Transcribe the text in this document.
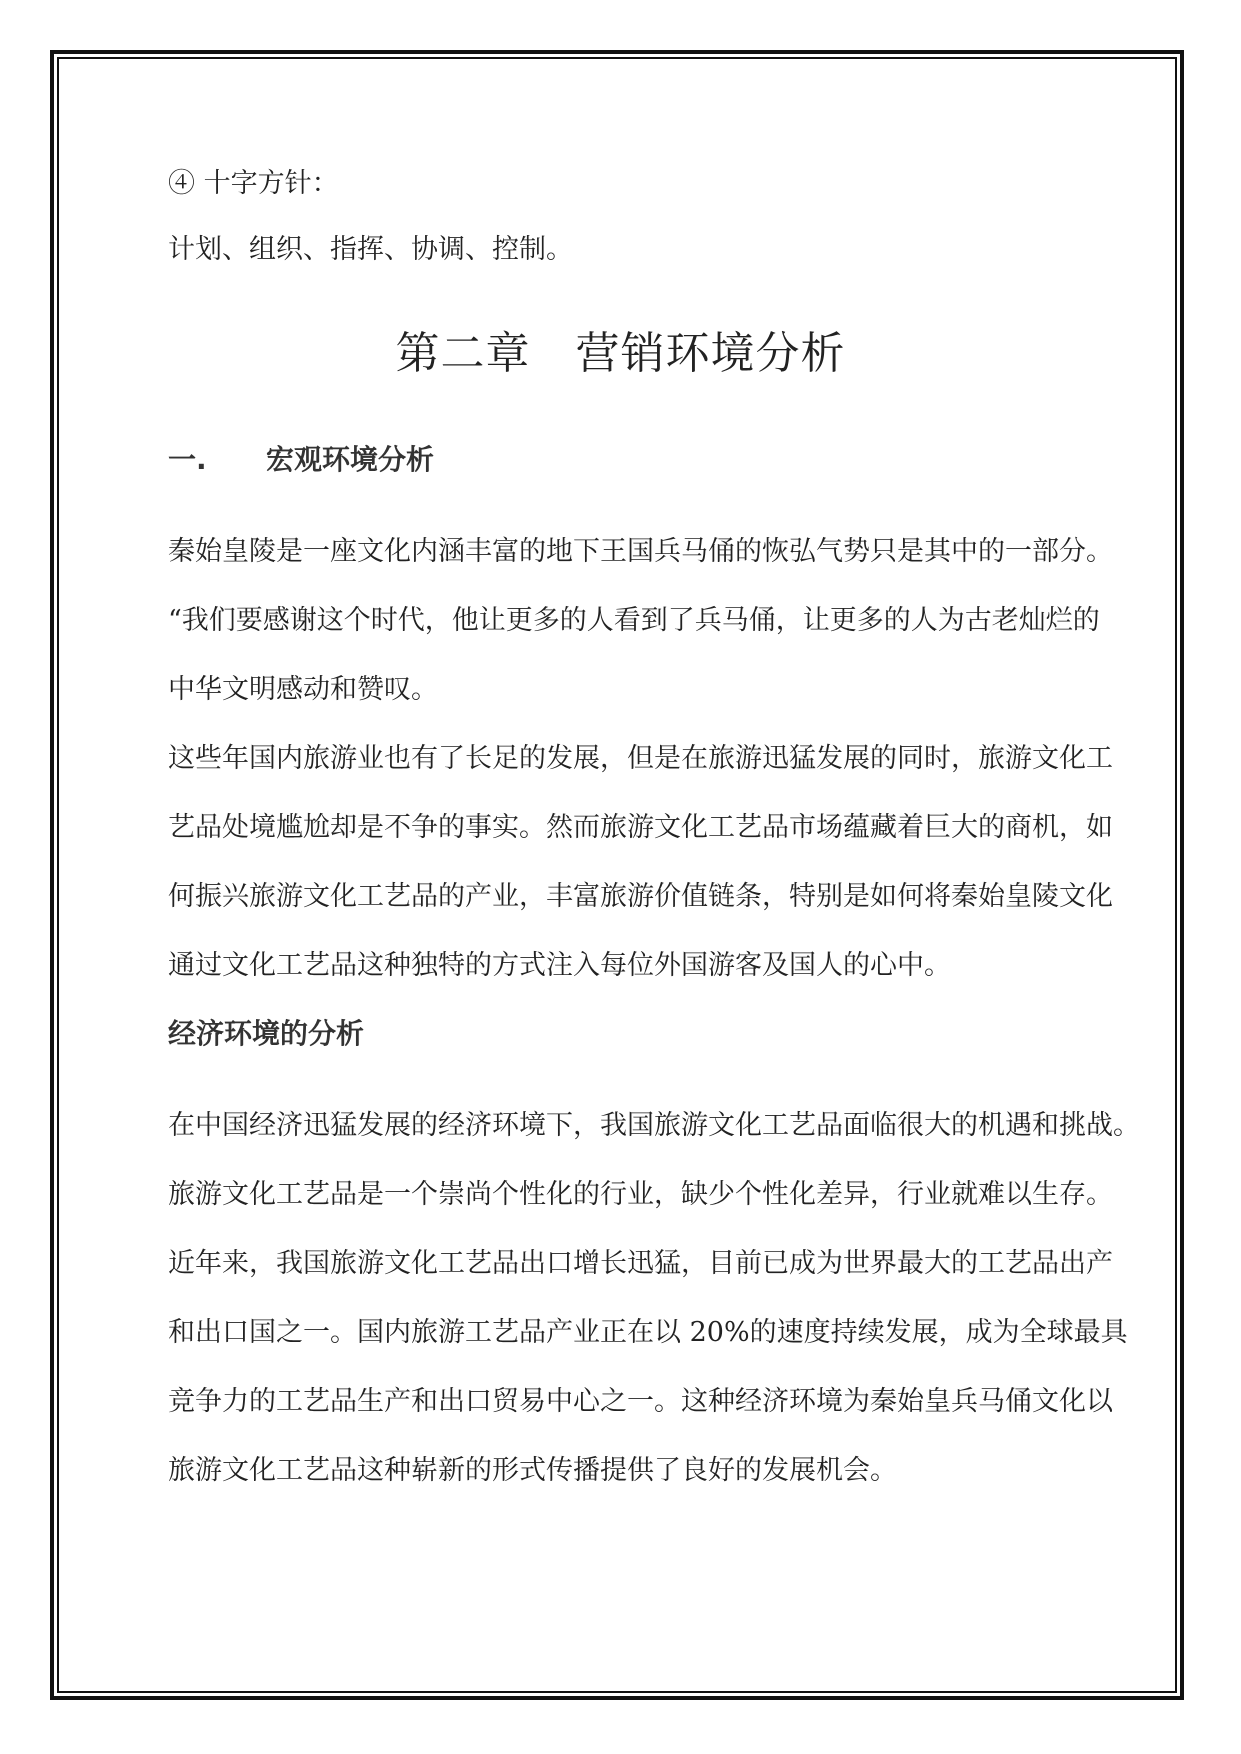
④ 十字方针：
计划、组织、指挥、协调、控制。
第二章　营销环境分析
一. 宏观环境分析
秦始皇陵是一座文化内涵丰富的地下王国兵马俑的恢弘气势只是其中的一部分。
“我们要感谢这个时代，他让更多的人看到了兵马俑，让更多的人为古老灿烂的
中华文明感动和赞叹。
这些年国内旅游业也有了长足的发展，但是在旅游迅猛发展的同时，旅游文化工
艺品处境尴尬却是不争的事实。然而旅游文化工艺品市场蕴藏着巨大的商机，如
何振兴旅游文化工艺品的产业，丰富旅游价值链条，特别是如何将秦始皇陵文化
通过文化工艺品这种独特的方式注入每位外国游客及国人的心中。
经济环境的分析
在中国经济迅猛发展的经济环境下，我国旅游文化工艺品面临很大的机遇和挑战。
旅游文化工艺品是一个崇尚个性化的行业，缺少个性化差异，行业就难以生存。
近年来，我国旅游文化工艺品出口增长迅猛，目前已成为世界最大的工艺品出产
和出口国之一。国内旅游工艺品产业正在以 20%的速度持续发展，成为全球最具
竞争力的工艺品生产和出口贸易中心之一。这种经济环境为秦始皇兵马俑文化以
旅游文化工艺品这种崭新的形式传播提供了良好的发展机会。
